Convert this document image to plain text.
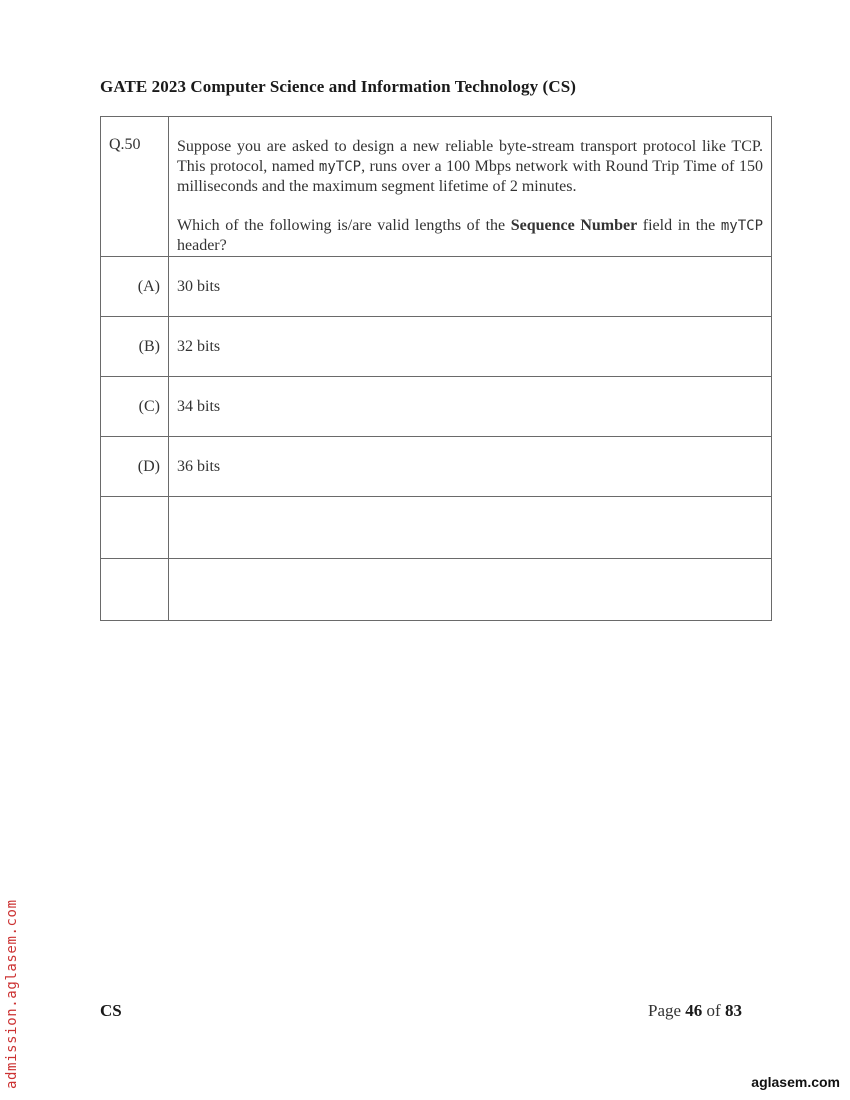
GATE 2023 Computer Science and Information Technology (CS)
Q.50	Suppose you are asked to design a new reliable byte-stream transport protocol like TCP. This protocol, named myTCP, runs over a 100 Mbps network with Round Trip Time of 150 milliseconds and the maximum segment lifetime of 2 minutes.

Which of the following is/are valid lengths of the Sequence Number field in the myTCP header?

(A)	30 bits
(B)	32 bits
(C)	34 bits
(D)	36 bits

CS	Page 46 of 83
admission.aglasem.com	aglasem.com
